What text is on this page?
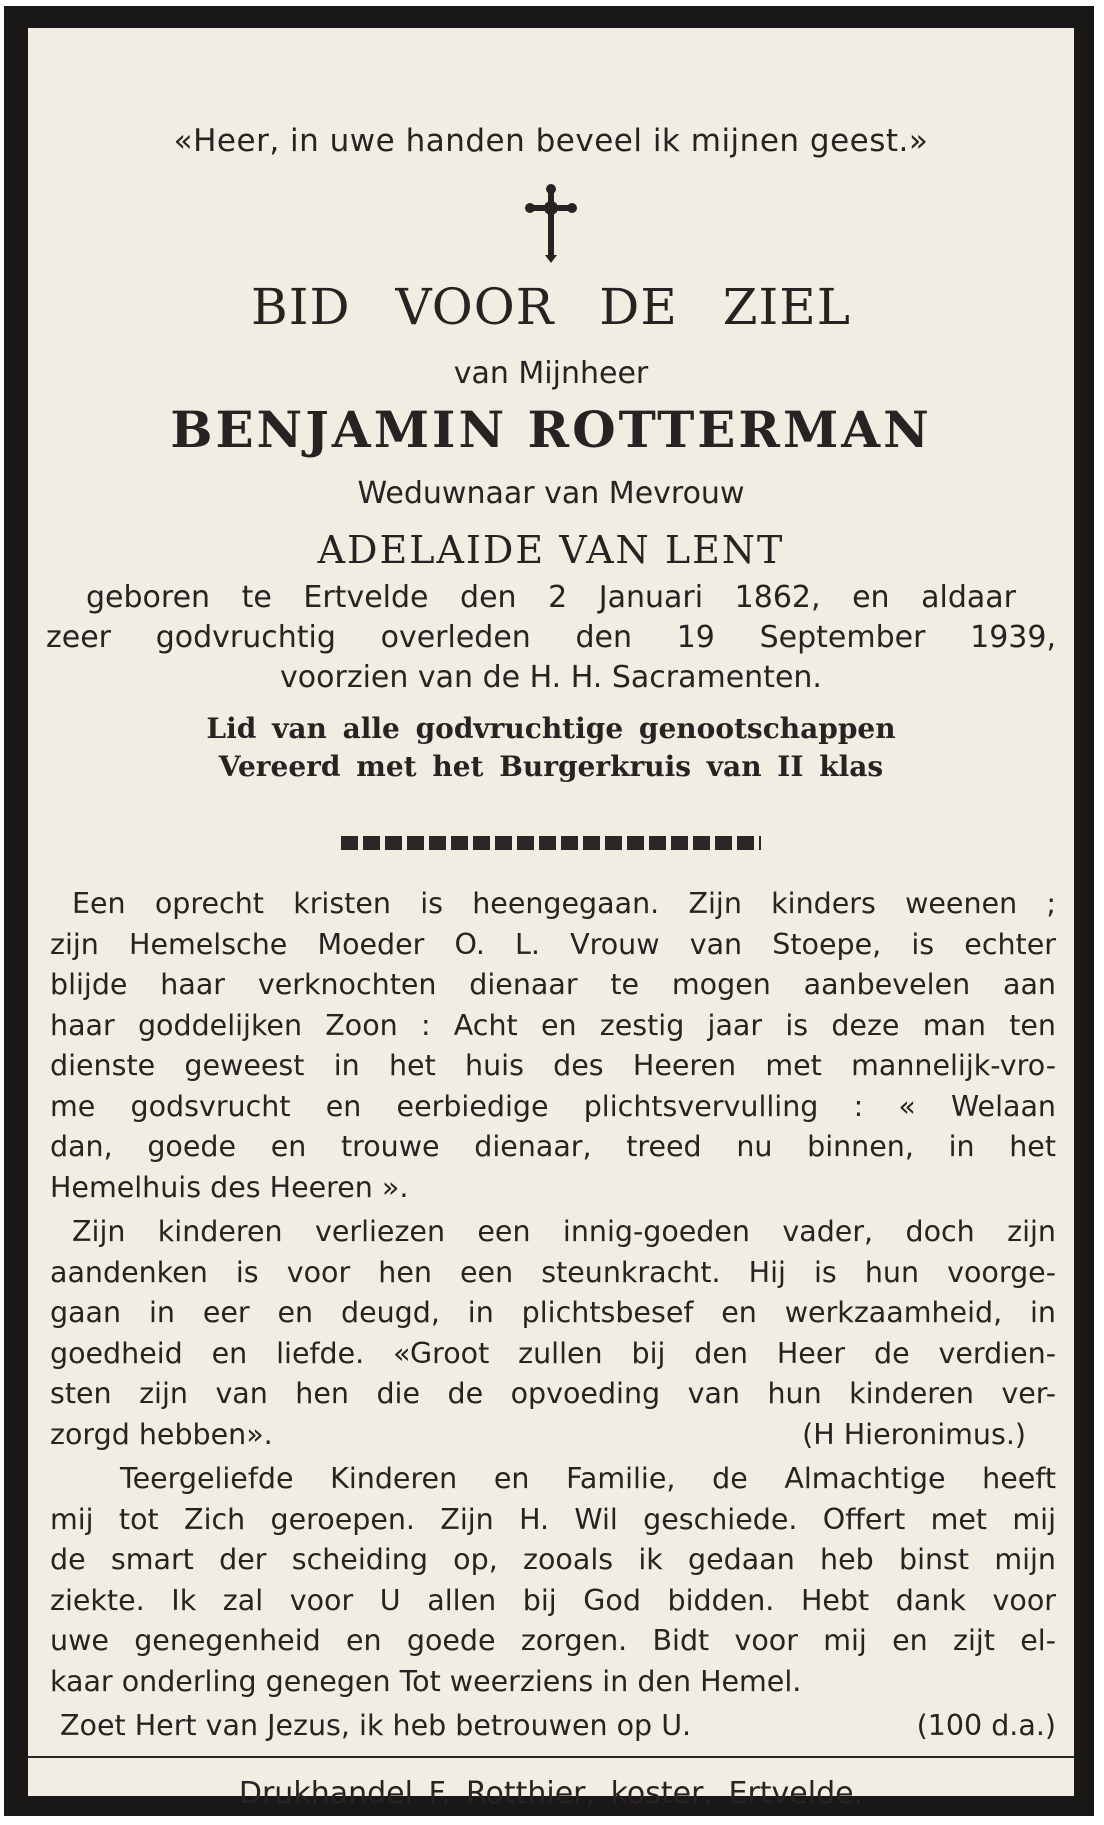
«Heer, in uwe handen beveel ik mijnen geest.»
BID VOOR DE ZIEL
van Mijnheer
BENJAMIN ROTTERMAN
Weduwnaar van Mevrouw
ADELAIDE VAN LENT
geboren te Ertvelde den 2 Januari 1862, en aldaar
zeer godvruchtig overleden den 19 September 1939,
voorzien van de H. H. Sacramenten.
Lid van alle godvruchtige genootschappen
Vereerd met het Burgerkruis van II klas
Een oprecht kristen is heengegaan. Zijn kinders weenen ;
zijn Hemelsche Moeder O. L. Vrouw van Stoepe, is echter
blijde haar verknochten dienaar te mogen aanbevelen aan
haar goddelijken Zoon : Acht en zestig jaar is deze man ten
dienste geweest in het huis des Heeren met mannelijk-vro-
me godsvrucht en eerbiedige plichtsvervulling : « Welaan
dan, goede en trouwe dienaar, treed nu binnen, in het
Hemelhuis des Heeren ».
Zijn kinderen verliezen een innig-goeden vader, doch zijn
aandenken is voor hen een steunkracht. Hij is hun voorge-
gaan in eer en deugd, in plichtsbesef en werkzaamheid, in
goedheid en liefde. «Groot zullen bij den Heer de verdien-
sten zijn van hen die de opvoeding van hun kinderen ver-
zorgd hebben».	(H Hieronimus.)
Teergeliefde Kinderen en Familie, de Almachtige heeft
mij tot Zich geroepen. Zijn H. Wil geschiede. Offert met mij
de smart der scheiding op, zooals ik gedaan heb binst mijn
ziekte. Ik zal voor U allen bij God bidden. Hebt dank voor
uwe genegenheid en goede zorgen. Bidt voor mij en zijt el-
kaar onderling genegen Tot weerziens in den Hemel.
Zoet Hert van Jezus, ik heb betrouwen op U.	(100 d.a.)
Drukhandel F. Rotthier, koster, Ertvelde.
